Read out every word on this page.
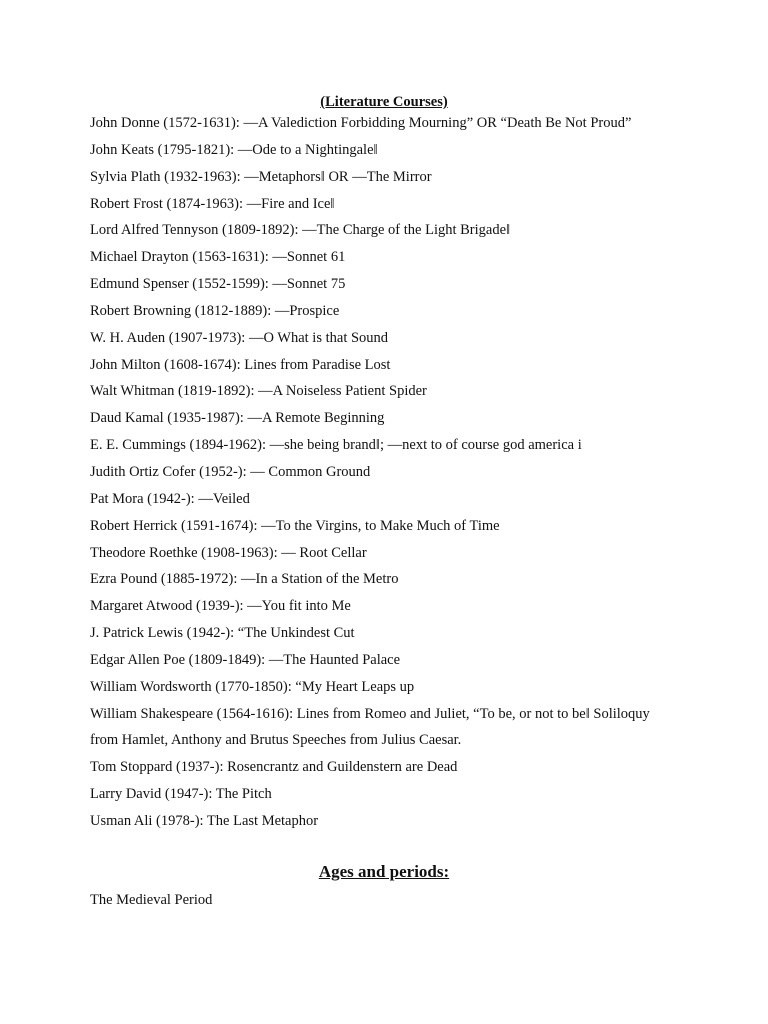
(Literature Courses)
John Donne (1572-1631): —A Valediction Forbidding Mourning” OR “Death Be Not Proud”
John Keats (1795-1821): —Ode to a Nightingale‖
Sylvia Plath (1932-1963): —Metaphors‖ OR —The Mirror
Robert Frost (1874-1963): —Fire and Ice‖
Lord Alfred Tennyson (1809-1892): —The Charge of the Light Brigade‖
Michael Drayton (1563-1631): —Sonnet 61
Edmund Spenser (1552-1599): —Sonnet 75
Robert Browning (1812-1889): —Prospice
W. H. Auden (1907-1973): —O What is that Sound
John Milton (1608-1674): Lines from Paradise Lost
Walt Whitman (1819-1892): —A Noiseless Patient Spider
Daud Kamal (1935-1987): —A Remote Beginning
E. E. Cummings (1894-1962): —she being brand‖; —next to of course god america i
Judith Ortiz Cofer (1952-): — Common Ground
Pat Mora (1942-): —Veiled
Robert Herrick (1591-1674): —To the Virgins, to Make Much of Time
Theodore Roethke (1908-1963): — Root Cellar
Ezra Pound (1885-1972): —In a Station of the Metro
Margaret Atwood (1939-): —You fit into Me
J. Patrick Lewis (1942-): “The Unkindest Cut
Edgar Allen Poe (1809-1849): —The Haunted Palace
William Wordsworth (1770-1850): “My Heart Leaps up
William Shakespeare (1564-1616): Lines from Romeo and Juliet, “To be, or not to be‖ Soliloquy
from Hamlet, Anthony and Brutus Speeches from Julius Caesar.
Tom Stoppard (1937-): Rosencrantz and Guildenstern are Dead
Larry David (1947-): The Pitch
Usman Ali (1978-): The Last Metaphor
Ages and periods:

The Medieval Period
